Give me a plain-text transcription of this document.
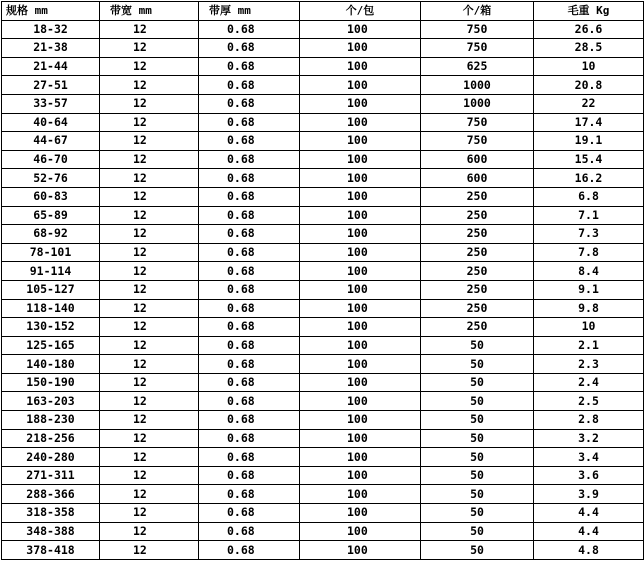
规格 mm	带宽 mm	带厚 mm	个/包	个/箱	毛重 Kg
18-32	12	0.68	100	750	26.6
21-38	12	0.68	100	750	28.5
21-44	12	0.68	100	625	10
27-51	12	0.68	100	1000	20.8
33-57	12	0.68	100	1000	22
40-64	12	0.68	100	750	17.4
44-67	12	0.68	100	750	19.1
46-70	12	0.68	100	600	15.4
52-76	12	0.68	100	600	16.2
60-83	12	0.68	100	250	6.8
65-89	12	0.68	100	250	7.1
68-92	12	0.68	100	250	7.3
78-101	12	0.68	100	250	7.8
91-114	12	0.68	100	250	8.4
105-127	12	0.68	100	250	9.1
118-140	12	0.68	100	250	9.8
130-152	12	0.68	100	250	10
125-165	12	0.68	100	50	2.1
140-180	12	0.68	100	50	2.3
150-190	12	0.68	100	50	2.4
163-203	12	0.68	100	50	2.5
188-230	12	0.68	100	50	2.8
218-256	12	0.68	100	50	3.2
240-280	12	0.68	100	50	3.4
271-311	12	0.68	100	50	3.6
288-366	12	0.68	100	50	3.9
318-358	12	0.68	100	50	4.4
348-388	12	0.68	100	50	4.4
378-418	12	0.68	100	50	4.8
